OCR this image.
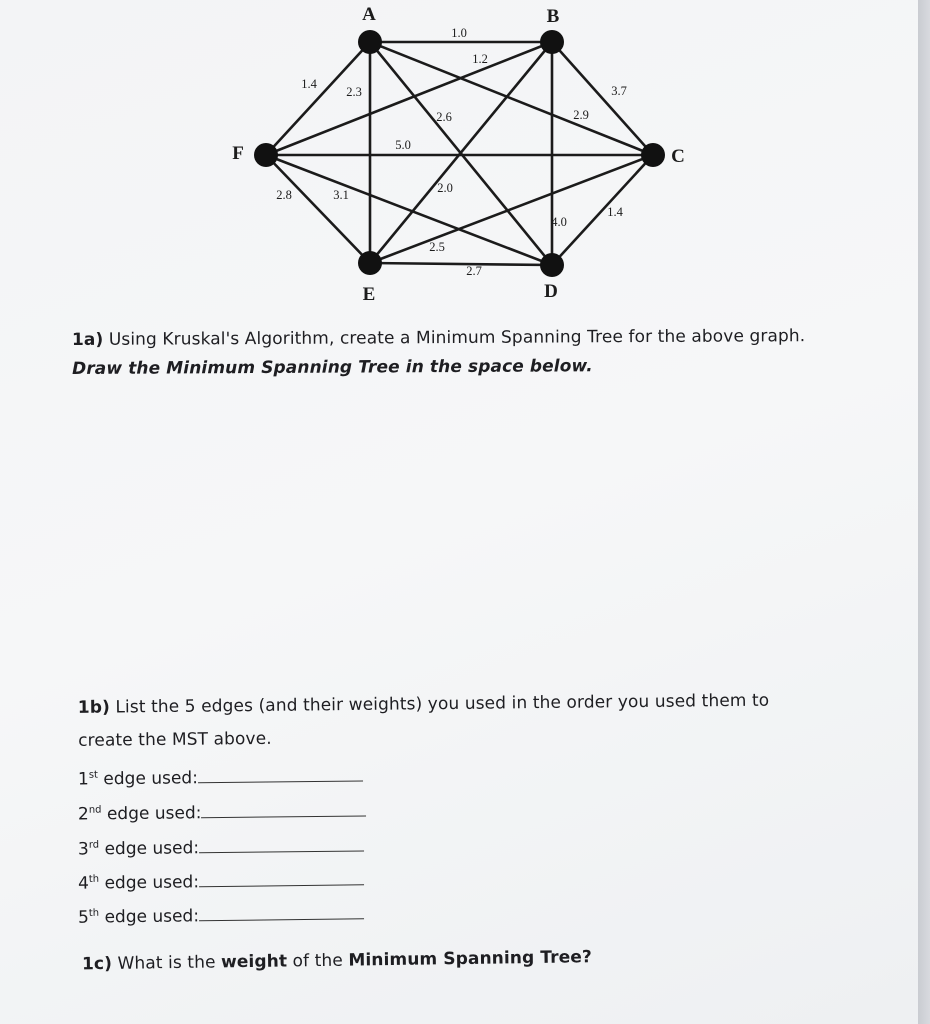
1.0
1.2
1.4
2.3
2.6
3.7
2.9
2.0
4.0
5.0
1.4
2.5
2.8	3.1
2.7
A	B
C
D
E
F
1a) Using Kruskal's Algorithm, create a Minimum Spanning Tree for the above graph. Draw the Minimum Spanning Tree in the space below.
1b) List the 5 edges (and their weights) you used in the order you used them to
create the MST above.
1st edge used:
2nd edge used:
3rd edge used:
4th edge used:
5th edge used:
1c) What is the weight of the Minimum Spanning Tree?
